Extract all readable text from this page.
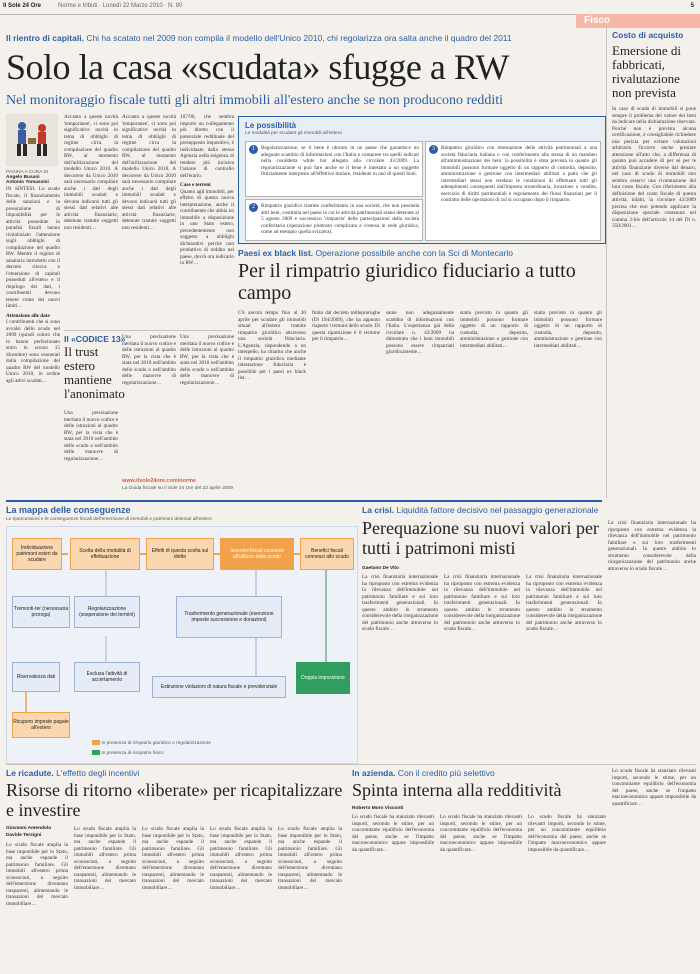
Il Sole 24 Ore	Norme e tributi · Lunedì 22 Marzo 2010 · N. 80	5
Fisco
Il rientro di capitali. Chi ha scatato nel 2009 non compila il modello dell'Unico 2010, chi regolarizza ora salta anche il quadro del 2011
Solo la casa «scudata» sfugge a RW
Nel monitoraggio fiscale tutti gli altri immobili all'estero anche se non producono redditi
PAGINA A CURA DI
Angelo Busani
Antonio Tomassini
IN SINTESI. Lo scudo fiscale, il finanziamento delle sanzioni e la presunzione di imponibilità per le attività possedute in paradisi fiscali hanno rivitalizzato l'attenzione sugli obblighi di compilazione del quadro RW. Mentre il regime di sanatoria introdotto con il decreto ritocca e l'emersione di capitali posseduti all'estero e il riepilogo dei dati, i contribuenti devono tenere conto dei nuovi limiti…
Attenzione alle date
I contribuenti che si sono avvalsi dello scudo nel 2009 (quindi coloro che lo hanno perfezionato entro lo scorso 15 dicembre) sono esonerati dalla compilazione del quadro RW del modello Unico 2010, in ordine agli attivi scudati…
Accanto a queste novità 'temporanee', ci sono poi significative novità in tema di obblighi di regime circa la compilazione del quadro RW, al momento dell'utilizzazione del modello Unico 2010. A decorrere da Unico 2010 sarà necessario compilare anche i dati degli immobili scudati e devono indicarsi tutti gli stessi dati relativi alle attività finanziarie, detenute tramite soggetti non residenti…
Accanto a queste novità 'temporanee', ci sono poi significative novità in tema di obblighi di regime circa la compilazione del quadro RW, al momento dell'utilizzazione del modello Unico 2010. A decorrere da Unico 2010 sarà necessario compilare anche i dati degli immobili scudati e devono indicarsi tutti gli stessi dati relativi alle attività finanziarie, detenute tramite soggetti non residenti…
107/90, che sembra imporre un collegamento più diretto con il potenziale reddituale del presupposto impositivo, è individuato dalla stessa Agenzia nella esigenza di rendere più incisiva l'azione di controllo dell'erario.
Case e terreni
Quanto agli immobili, per effetto di questa nuova interpretazione, anche il contribuente che abbia un immobile a disposizione in uno Stato estero, precedentemente non soggetto a obblighi dichiarativi perché non produttivo di reddito nel paese, dovrà ora indicarlo in RW…
Le possibilità
Le modalità per scudare gli immobili all'estero
1	Regolarizzazione, se il bene è ubicato in un paese che garantisce un adeguato scambio di informazioni con l'Italia e comprese tra quelli indicati nella cosiddetta white list allegata alla circolare 43/2009. La regolarizzazione si può fare anche se il bene è intestato a un soggetto fittiziamente interposto all'effettivo titolare, residente in uno di questi Stati.
2	Rimpatrio giuridico tramite conferimento in una società, che non possieda altri beni, costituita nel paese in cui le attività patrimoniali erano detenute al 5 agosto 2009 e successivo 'rimpatrio' delle partecipazioni della società conferitaria (operazione piuttosto complicata e costosa in sede giuridica, come ad esempio quella svizzera).
3	Rimpatrio giuridico con intestazione delle attività patrimoniali a una società fiduciaria italiana o con conferimento alla stessa di un mandato all'amministrazione dei beni: la possibilità è stata prevista in quanto gli immobili possono formare oggetto di un rapporto di custodia, deposito, amministrazione o gestione con intermediari abilitati a patto che gli intermediari stessi non rendano le condizioni di effettuare tutti gli adempimenti conseguenti dall'imposta straordinaria, locazione o vendita, esercizio di diritti patrimoniali e regolamento dei flussi finanziari per il contratto delle operazioni di cui si occupano dopo il rimpatrio.
Il «CODICE 13»
Il trust estero mantiene l'anonimato
Una precisazione meritata il nuovo codice e delle istruzioni al quadro RW, per la vista che è stata nel 2010 nell'ambito dello scudo o nell'ambito delle manovre di regolarizzazione…
Una precisazione meritata il nuovo codice e delle istruzioni al quadro RW, per la vista che è stata nel 2010 nell'ambito dello scudo o nell'ambito delle manovre di regolarizzazione…
Una precisazione meritata il nuovo codice e delle istruzioni al quadro RW, per la vista che è stata nel 2010 nell'ambito dello scudo o nell'ambito delle manovre di regolarizzazione…
www.ilsole24ore.com/norme
La Guida fiscale su Il Sole 24 Ore del 22 aprile 2009
Paesi ex black list. Operazione possibile anche con la Sci di Montecarlo
Per il rimpatrio giuridico fiduciario a tutto campo
C'è ancora tempo fino al 30 aprile per scudare gli immobili situati all'estero tramite rimpatrio giuridico attraverso una società fiduciaria. L'Agenzia, rispondendo a un interpello, ha chiarito che anche il rimpatrio giuridico mediante intestazione fiduciaria è possibile per i paesi ex black list…
finito dal decreto milleproroghe (Dl 194/2009), che ha appunto riaperto i termini dello scudo. Di questa ripartizione è il termine per il rimpatrio…
sante non adeguatamente scambio di informazioni con l'Italia. L'esperienza già della circolare n. 43/2009 ha dimostrato che i beni immobili possono essere rimpatriati giuridicamente…
statia previsto in quanto gli immobili possono formare oggetto di un rapporto di custodia, deposito, amministrazione o gestione con intermediari abilitati…
statia previsto in quanto gli immobili possono formare oggetto di un rapporto di custodia, deposito, amministrazione o gestione con intermediari abilitati…
Costo di acquisto
Emersione di fabbricati, rivalutazione non prevista
In caso di scudo di immobili si pone sempre il problema del valore dei beni da indicare nella dichiarazione riservata. Poiché non è prevista alcuna certificazione, è consigliabile richiedere una perizia per evitare valutazioni arbitrarie. Occorre anche prestare attenzione all'atto che, a differenza di quanto può accadere di per sé per le attività finanziarie diverse dal denaro, nel caso di scudo di immobili non sembra esservi una rivalutazione del loro costo fiscale. Con riferimento alla definizione del costo fiscale di questa attività, infatti, la circolare 43/2009 precisa che non potendo applicare la disposizione speciale contenuta nel comma 2-bis dell'articolo 14 del Dl n. 350/2001…
La mappa delle conseguenze
Le ripercussioni e le conseguenze fiscali dell'emersione di immobili e patrimoni detenuti all'estero
Individuazione patrimoni esteri da scudare
Scelta della modalità di effettuazione
Effetti di questa scelta sul diritto
Incentivi fiscali connessi all'utilizzo dello scudo
Benefici fiscali connessi allo scudo
Tremonti-ter (necessaria proroga)
Regolarizzazione (sospensione dei termini)	Trasferimento generazionale (esenzione imposte successione e donazioni)
Riservatezza dati	Esclusa l'attività di accertamento
Estinzione violazioni di natura fiscale e previdenziale
Doppia imposizione
Ricupero imposte pagate all'estero
In presenza di rimpatrio giuridico o regolarizzazione
In presenza di rimpatrio fisico
La crisi. Liquidità fattore decisivo nel passaggio generazionale
Perequazione su nuovi valori per tutti i patrimoni misti
Gaetano De Vito
La crisi finanziaria internazionale ha riproposto con estrema evidenza la rilevanza dell'immobile nel patrimonio familiare e sui loro trasferimenti generazionali. In questo ambito lo strumento considerevole della riorganizzazione del patrimonio anche attraverso lo scudo fiscale…
La crisi finanziaria internazionale ha riproposto con estrema evidenza la rilevanza dell'immobile nel patrimonio familiare e sui loro trasferimenti generazionali. In questo ambito lo strumento considerevole della riorganizzazione del patrimonio anche attraverso lo scudo fiscale…
La crisi finanziaria internazionale ha riproposto con estrema evidenza la rilevanza dell'immobile nel patrimonio familiare e sui loro trasferimenti generazionali. In questo ambito lo strumento considerevole della riorganizzazione del patrimonio anche attraverso lo scudo fiscale…
La crisi finanziaria internazionale ha riproposto con estrema evidenza la rilevanza dell'immobile nel patrimonio familiare e sui loro trasferimenti generazionali. In questo ambito lo strumento considerevole della riorganizzazione del patrimonio anche attraverso lo scudo fiscale…
Le ricadute. L'effetto degli incentivi
Risorse di ritorno «liberate» per ricapitalizzare e investire
Giovanni Amendola
Davide Tersigni
Lo scudo fiscale amplia la base imponibile per lo Stato, ma anche espande il patrimonio familiare. Gli immobili all'estero prima sconosciuti, a seguito dell'emersione diventano trasparenti, alimentando le transazioni del mercato immobiliare…
Lo scudo fiscale amplia la base imponibile per lo Stato, ma anche espande il patrimonio familiare. Gli immobili all'estero prima sconosciuti, a seguito dell'emersione diventano trasparenti, alimentando le transazioni del mercato immobiliare…
Lo scudo fiscale amplia la base imponibile per lo Stato, ma anche espande il patrimonio familiare. Gli immobili all'estero prima sconosciuti, a seguito dell'emersione diventano trasparenti, alimentando le transazioni del mercato immobiliare…
Lo scudo fiscale amplia la base imponibile per lo Stato, ma anche espande il patrimonio familiare. Gli immobili all'estero prima sconosciuti, a seguito dell'emersione diventano trasparenti, alimentando le transazioni del mercato immobiliare…
Lo scudo fiscale amplia la base imponibile per lo Stato, ma anche espande il patrimonio familiare. Gli immobili all'estero prima sconosciuti, a seguito dell'emersione diventano trasparenti, alimentando le transazioni del mercato immobiliare…
In azienda. Con il credito più selettivo
Spinta interna alla redditività
Roberto Moro Visconti
Lo scudo fiscale ha stanziato rilevanti importi, secondo le stime, per un concomitante equilibrio dell'economia del paese, anche se l'impatto macroeconomico appare impossibile da quantificare…
Lo scudo fiscale ha stanziato rilevanti importi, secondo le stime, per un concomitante equilibrio dell'economia del paese, anche se l'impatto macroeconomico appare impossibile da quantificare…
Lo scudo fiscale ha stanziato rilevanti importi, secondo le stime, per un concomitante equilibrio dell'economia del paese, anche se l'impatto macroeconomico appare impossibile da quantificare…
Lo scudo fiscale ha stanziato rilevanti importi, secondo le stime, per un concomitante equilibrio dell'economia del paese, anche se l'impatto macroeconomico appare impossibile da quantificare…
